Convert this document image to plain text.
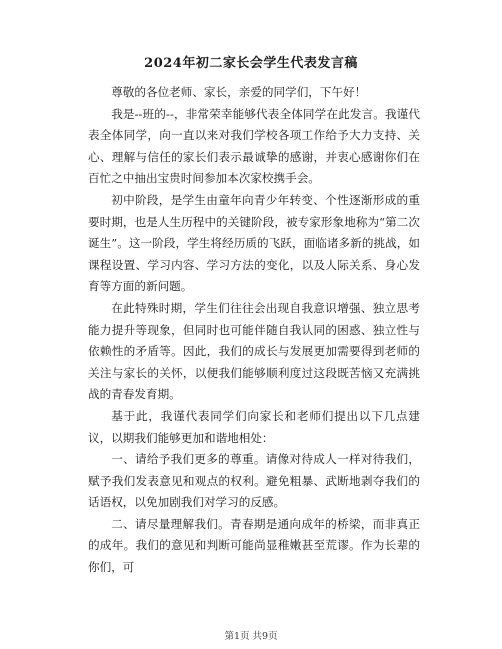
2024年初二家长会学生代表发言稿

尊敬的各位老师、家长，亲爱的同学们，下午好！

我是--班的--，非常荣幸能够代表全体同学在此发言。我谨代表全体同学，向一直以来对我们学校各项工作给予大力支持、关心、理解与信任的家长们表示最诚挚的感谢，并衷心感谢你们在百忙之中抽出宝贵时间参加本次家校携手会。

初中阶段，是学生由童年向青少年转变、个性逐渐形成的重要时期，也是人生历程中的关键阶段，被专家形象地称为“第二次诞生”。这一阶段，学生将经历质的飞跃，面临诸多新的挑战，如课程设置、学习内容、学习方法的变化，以及人际关系、身心发育等方面的新问题。

在此特殊时期，学生们往往会出现自我意识增强、独立思考能力提升等现象，但同时也可能伴随自我认同的困惑、独立性与依赖性的矛盾等。因此，我们的成长与发展更加需要得到老师的关注与家长的关怀，以便我们能够顺利度过这段既苦恼又充满挑战的青春发育期。

基于此，我谨代表同学们向家长和老师们提出以下几点建议，以期我们能够更加和谐地相处：

一、请给予我们更多的尊重。请像对待成人一样对待我们，赋予我们发表意见和观点的权利。避免粗暴、武断地剥夺我们的话语权，以免加剧我们对学习的反感。

二、请尽量理解我们。青春期是通向成年的桥梁，而非真正的成年。我们的意见和判断可能尚显稚嫩甚至荒谬。作为长辈的你们，可

第1页 共9页
